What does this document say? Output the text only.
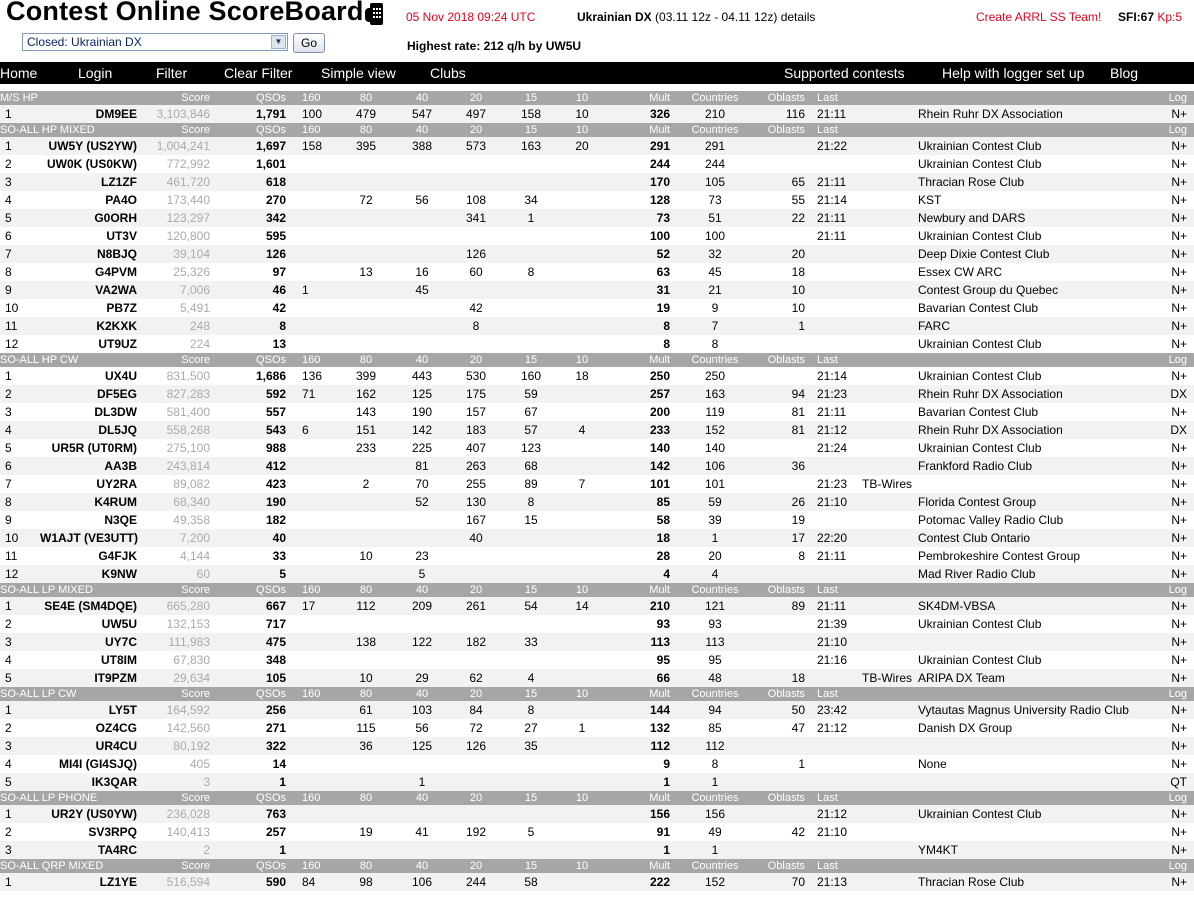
Contest Online ScoreBoard	05 Nov 2018 09:24 UTC	Ukrainian DX (03.11 12z - 04.11 12z) details	Create ARRL SS Team! SFI:67 Kp:5
Closed: Ukrainian DX	▼	Go	Highest rate: 212 q/h by UW5U
Home	Login	Filter	Clear Filter Simple view Clubs	Supported contests	Help with logger set up Blog
M/S HP		Score	QSOs	160	80	40	20	15	10	Mult	Countries	Oblasts	Last			Log
1	DM9EE	3,103,846	1,791	100	479	547	497	158	10	326	210	116	21:11		Rhein Ruhr DX Association	N+
SO-ALL HP MIXED		Score	QSOs	160	80	40	20	15	10	Mult	Countries	Oblasts	Last			Log
1	UW5Y (US2YW)	1,004,241	1,697	158	395	388	573	163	20	291	291		21:22		Ukrainian Contest Club	N+
2	UW0K (US0KW)	772,992	1,601							244	244				Ukrainian Contest Club	N+
3	LZ1ZF	461,720	618							170	105	65	21:11		Thracian Rose Club	N+
4	PA4O	173,440	270		72	56	108	34		128	73	55	21:14		KST	N+
5	G0ORH	123,297	342				341	1		73	51	22	21:11		Newbury and DARS	N+
6	UT3V	120,800	595							100	100		21:11		Ukrainian Contest Club	N+
7	N8BJQ	39,104	126				126			52	32	20			Deep Dixie Contest Club	N+
8	G4PVM	25,326	97		13	16	60	8		63	45	18			Essex CW ARC	N+
9	VA2WA	7,006	46	1		45				31	21	10			Contest Group du Quebec	N+
10	PB7Z	5,491	42				42			19	9	10			Bavarian Contest Club	N+
11	K2KXK	248	8				8			8	7	1			FARC	N+
12	UT9UZ	224	13							8	8				Ukrainian Contest Club	N+
SO-ALL HP CW		Score	QSOs	160	80	40	20	15	10	Mult	Countries	Oblasts	Last			Log
1	UX4U	831,500	1,686	136	399	443	530	160	18	250	250		21:14		Ukrainian Contest Club	N+
2	DF5EG	827,283	592	71	162	125	175	59		257	163	94	21:23		Rhein Ruhr DX Association	DX
3	DL3DW	581,400	557		143	190	157	67		200	119	81	21:11		Bavarian Contest Club	N+
4	DL5JQ	558,268	543	6	151	142	183	57	4	233	152	81	21:12		Rhein Ruhr DX Association	DX
5	UR5R (UT0RM)	275,100	988		233	225	407	123		140	140		21:24		Ukrainian Contest Club	N+
6	AA3B	243,814	412			81	263	68		142	106	36			Frankford Radio Club	N+
7	UY2RA	89,082	423		2	70	255	89	7	101	101		21:23	TB-Wires		N+
8	K4RUM	68,340	190			52	130	8		85	59	26	21:10		Florida Contest Group	N+
9	N3QE	49,358	182				167	15		58	39	19			Potomac Valley Radio Club	N+
10	W1AJT (VE3UTT)	7,200	40				40			18	1	17	22:20		Contest Club Ontario	N+
11	G4FJK	4,144	33		10	23				28	20	8	21:11		Pembrokeshire Contest Group	N+
12	K9NW	60	5			5				4	4				Mad River Radio Club	N+
SO-ALL LP MIXED		Score	QSOs	160	80	40	20	15	10	Mult	Countries	Oblasts	Last			Log
1	SE4E (SM4DQE)	665,280	667	17	112	209	261	54	14	210	121	89	21:11		SK4DM-VBSA	N+
2	UW5U	132,153	717							93	93		21:39		Ukrainian Contest Club	N+
3	UY7C	111,983	475		138	122	182	33		113	113		21:10			N+
4	UT8IM	67,830	348							95	95		21:16		Ukrainian Contest Club	N+
5	IT9PZM	29,634	105		10	29	62	4		66	48	18		TB-Wires	ARIPA DX Team	N+
SO-ALL LP CW		Score	QSOs	160	80	40	20	15	10	Mult	Countries	Oblasts	Last			Log
1	LY5T	164,592	256		61	103	84	8		144	94	50	23:42		Vytautas Magnus University Radio Club	N+
2	OZ4CG	142,560	271		115	56	72	27	1	132	85	47	21:12		Danish DX Group	N+
3	UR4CU	80,192	322		36	125	126	35		112	112					N+
4	MI4I (GI4SJQ)	405	14							9	8	1			None	N+
5	IK3QAR	3	1			1				1	1					QT
SO-ALL LP PHONE		Score	QSOs	160	80	40	20	15	10	Mult	Countries	Oblasts	Last			Log
1	UR2Y (US0YW)	236,028	763							156	156		21:12		Ukrainian Contest Club	N+
2	SV3RPQ	140,413	257		19	41	192	5		91	49	42	21:10			N+
3	TA4RC	2	1							1	1				YM4KT	N+
SO-ALL QRP MIXED		Score	QSOs	160	80	40	20	15	10	Mult	Countries	Oblasts	Last			Log
1	LZ1YE	516,594	590	84	98	106	244	58		222	152	70	21:13		Thracian Rose Club	N+
